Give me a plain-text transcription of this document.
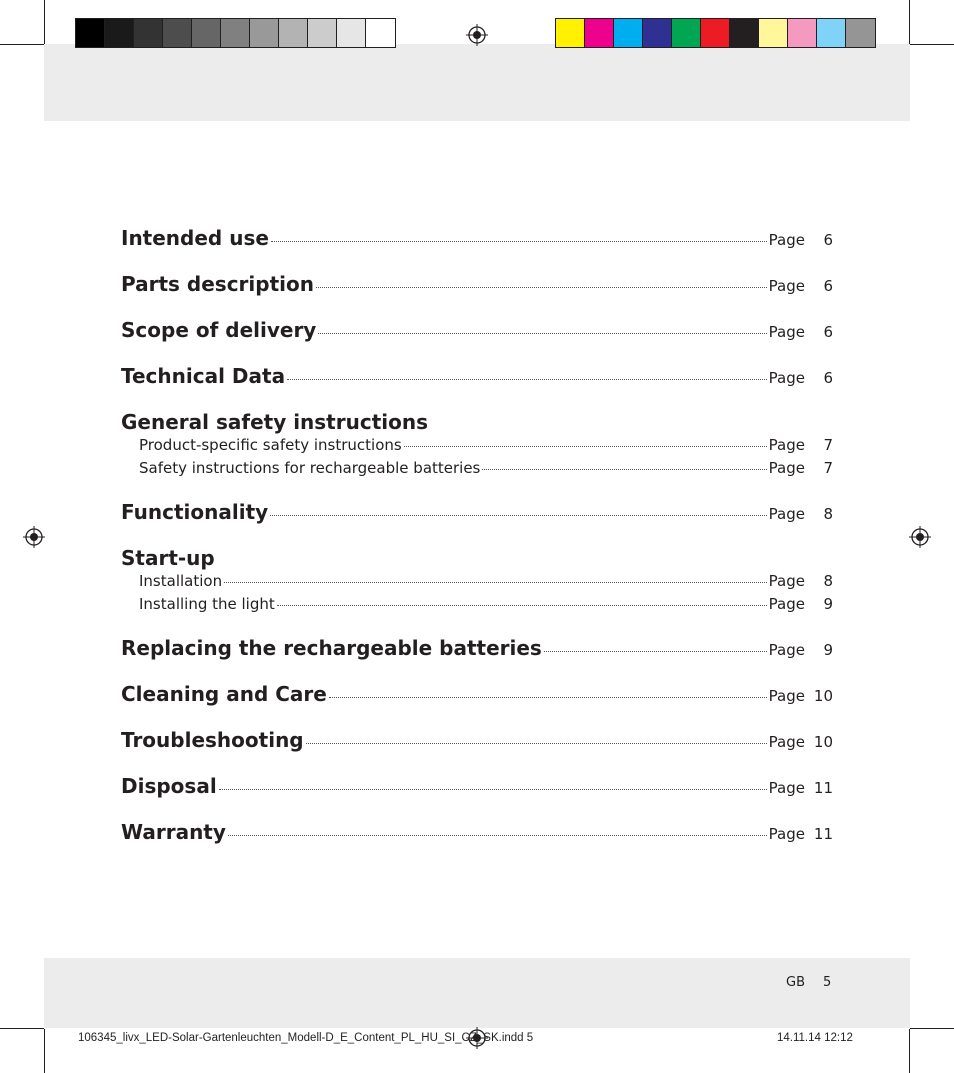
Intended use	Page	6
Parts description	Page	6
Scope of delivery	Page	6
Technical Data	Page	6
General safety instructions
Product-specific safety instructions	Page	7
Safety instructions for rechargeable batteries	Page	7
Functionality	Page	8
Start-up
Installation	Page	8
Installing the light	Page	9
Replacing the rechargeable batteries	Page	9
Cleaning and Care	Page 10
Troubleshooting	Page 10
Disposal	Page 11
Warranty	Page 11
GB 5
106345_livx_LED-Solar-Gartenleuchten_Modell-D_E_Content_PL_HU_SI_CZ_SK.indd 5	14.11.14 12:12
